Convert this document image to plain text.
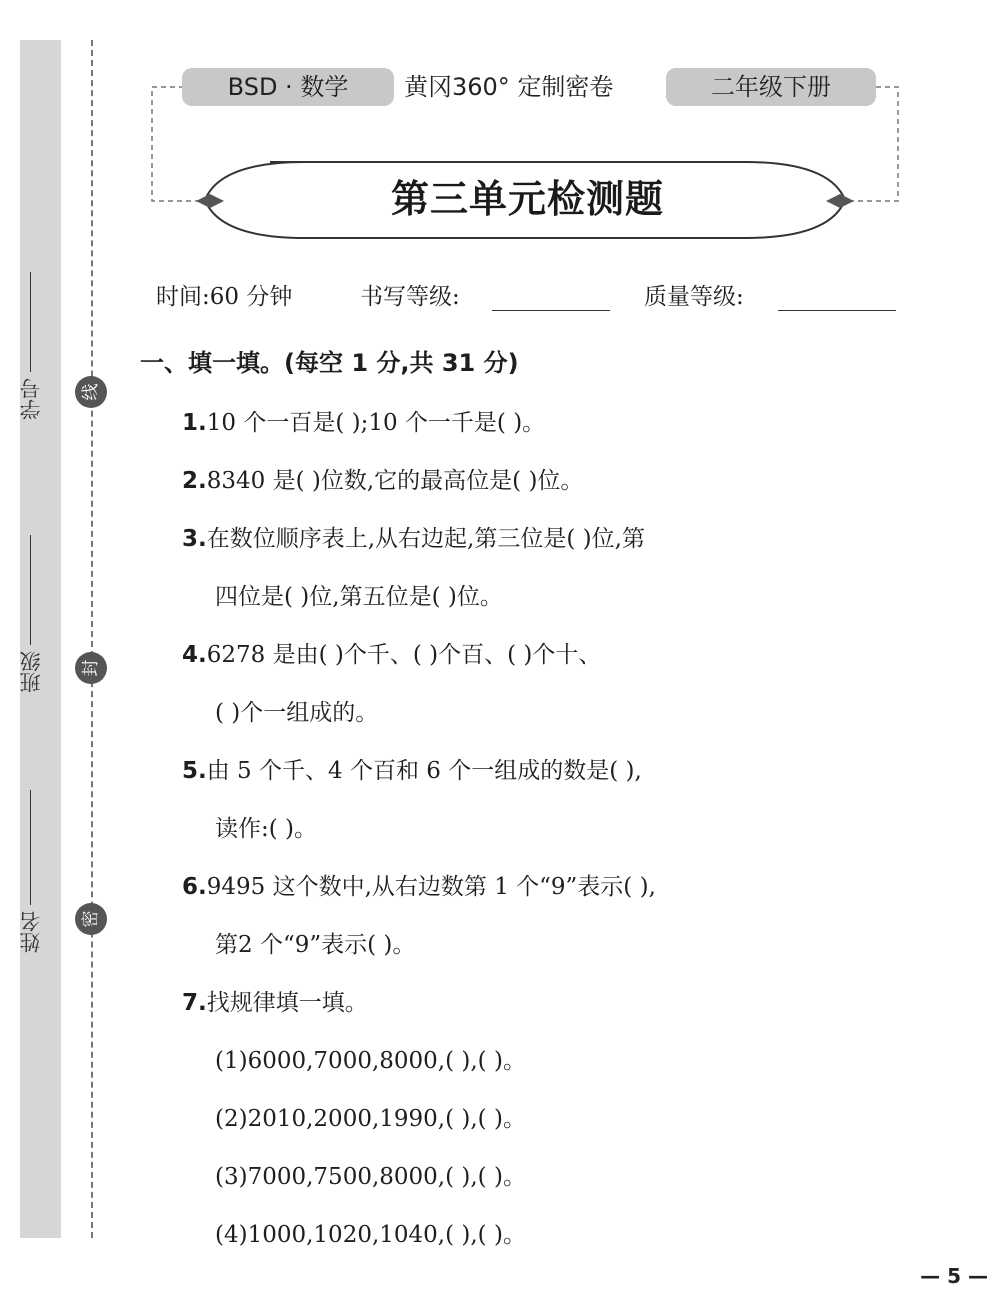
学号
班级
姓名
线
封
密
BSD · 数学	黄冈360° 定制密卷	二年级下册
第三单元检测题
时间:60 分钟	书写等级:	质量等级:
一、填一填。(每空 1 分,共 31 分)
1.10 个一百是( );10 个一千是( )。
2.8340 是( )位数,它的最高位是( )位。
3.在数位顺序表上,从右边起,第三位是( )位,第
四位是( )位,第五位是( )位。
4.6278 是由( )个千、( )个百、( )个十、
( )个一组成的。
5.由 5 个千、4 个百和 6 个一组成的数是( ),
读作:( )。
6.9495 这个数中,从右边数第 1 个“9”表示( ),
第2 个“9”表示( )。
7.找规律填一填。
(1)6000,7000,8000,( ),( )。
(2)2010,2000,1990,( ),( )。
(3)7000,7500,8000,( ),( )。
(4)1000,1020,1040,( ),( )。
— 5 —
